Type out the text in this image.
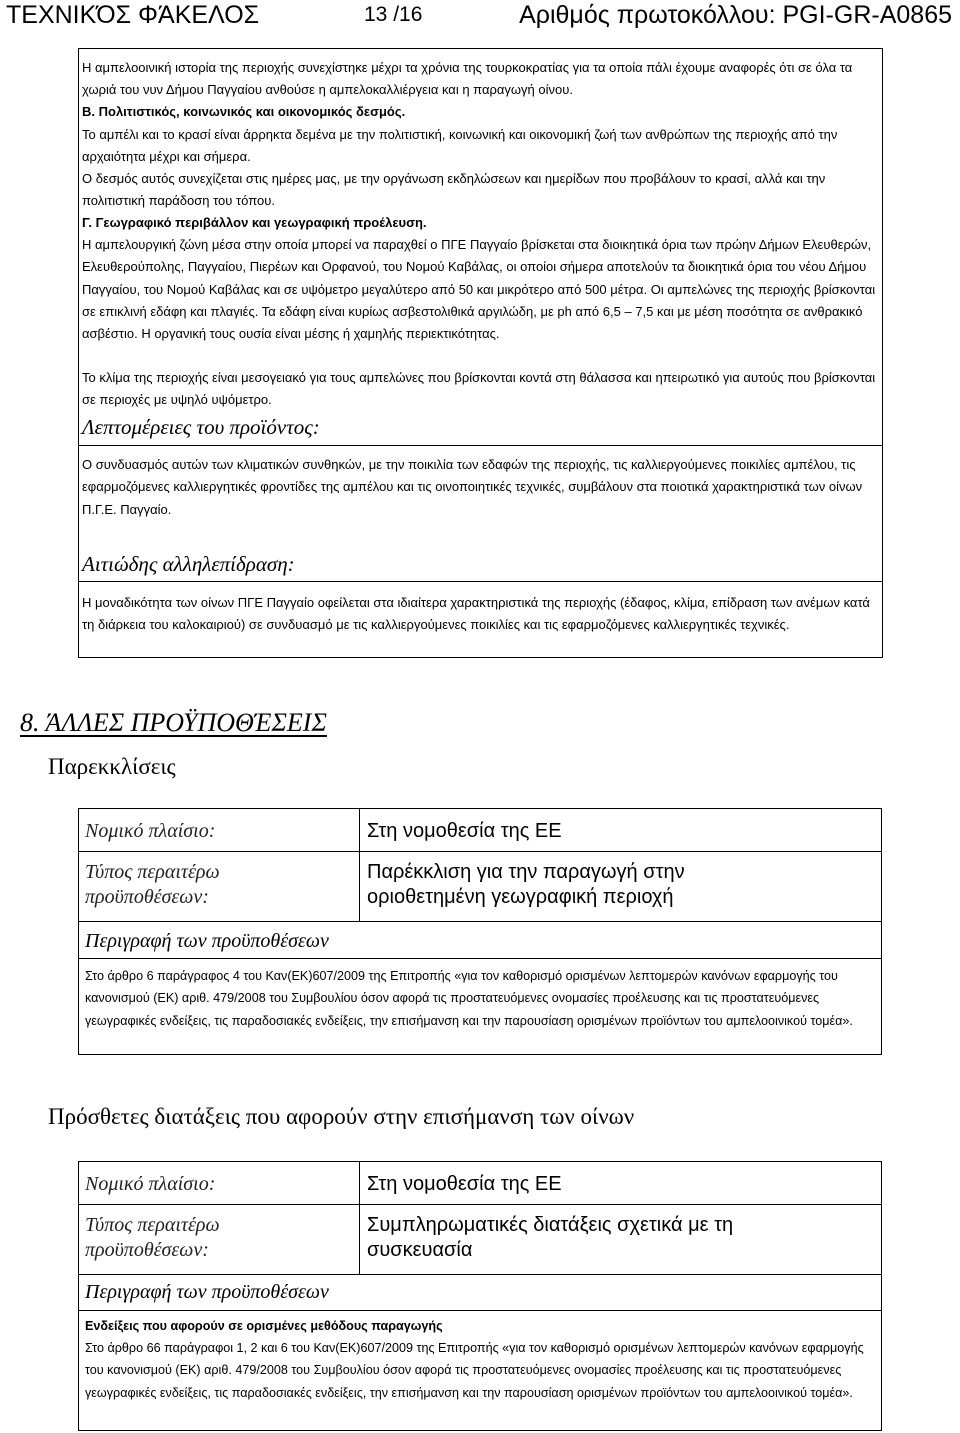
ΤΕΧΝΙΚΌΣ ΦΆΚΕΛΟΣ	13 /16	Αριθμός πρωτοκόλλου: PGI-GR-A0865

Η αμπελοοινική ιστορία της περιοχής συνεχίστηκε μέχρι τα χρόνια της τουρκοκρατίας για τα οποία πάλι έχουμε αναφορές ότι σε όλα τα χωριά του νυν Δήμου Παγγαίου ανθούσε η αμπελοκαλλιέργεια και η παραγωγή οίνου.

Β. Πολιτιστικός, κοινωνικός και οικονομικός δεσμός.

Το αμπέλι και το κρασί είναι άρρηκτα δεμένα με την πολιτιστική, κοινωνική και οικονομική ζωή των ανθρώπων της περιοχής από την αρχαιότητα μέχρι και σήμερα.

Ο δεσμός αυτός συνεχίζεται στις ημέρες μας, με την οργάνωση εκδηλώσεων και ημερίδων που προβάλουν το κρασί, αλλά και την πολιτιστική παράδοση του τόπου.

Γ. Γεωγραφικό περιβάλλον και γεωγραφική προέλευση.

Η αμπελουργική ζώνη μέσα στην οποία μπορεί να παραχθεί ο ΠΓΕ Παγγαίο βρίσκεται στα διοικητικά όρια των πρώην Δήμων Ελευθερών, Ελευθερούπολης, Παγγαίου, Πιερέων και Ορφανού, του Νομού Καβάλας, οι οποίοι σήμερα αποτελούν τα διοικητικά όρια του νέου Δήμου Παγγαίου, του Νομού Καβάλας και σε υψόμετρο μεγαλύτερο από 50 και μικρότερο από 500 μέτρα. Οι αμπελώνες της περιοχής βρίσκονται σε επικλινή εδάφη και πλαγιές. Τα εδάφη είναι κυρίως ασβεστολιθικά αργιλώδη, με ph από 6,5 – 7,5 και με μέση ποσότητα σε ανθρακικό ασβέστιο. Η οργανική τους ουσία είναι μέσης ή χαμηλής περιεκτικότητας.

Το κλίμα της περιοχής είναι μεσογειακό για τους αμπελώνες που βρίσκονται κοντά στη θάλασσα και ηπειρωτικό για αυτούς που βρίσκονται σε περιοχές με υψηλό υψόμετρο.

Λεπτομέρειες του προϊόντος:

Ο συνδυασμός αυτών των κλιματικών συνθηκών, με την ποικιλία των εδαφών της περιοχής, τις καλλιεργούμενες ποικιλίες αμπέλου, τις εφαρμοζόμενες καλλιεργητικές φροντίδες της αμπέλου και τις οινοποιητικές τεχνικές, συμβάλουν στα ποιοτικά χαρακτηριστικά των οίνων Π.Γ.Ε. Παγγαίο.

Αιτιώδης αλληλεπίδραση:

Η μοναδικότητα των οίνων ΠΓΕ Παγγαίο οφείλεται στα ιδιαίτερα χαρακτηριστικά της περιοχής (έδαφος, κλίμα, επίδραση των ανέμων κατά τη διάρκεια του καλοκαιριού) σε συνδυασμό με τις καλλιεργούμενες ποικιλίες και τις εφαρμοζόμενες καλλιεργητικές τεχνικές.

8. ΆΛΛΕΣ ΠΡΟΫΠΟΘΈΣΕΙΣ
Παρεκκλίσεις
Νομικό πλαίσιο:	Στη νομοθεσία της ΕΕ
Τύπος περαιτέρω
προϋποθέσεων:
Παρέκκλιση για την παραγωγή στην
οριοθετημένη γεωγραφική περιοχή
Περιγραφή των προϋποθέσεων

Στο άρθρο 6 παράγραφος 4 του Καν(ΕΚ)607/2009 της Επιτροπής «για τον καθορισμό ορισμένων λεπτομερών κανόνων εφαρμογής του κανονισμού (ΕΚ) αριθ. 479/2008 του Συμβουλίου όσον αφορά τις προστατευόμενες ονομασίες προέλευσης και τις προστατευόμενες γεωγραφικές ενδείξεις, τις παραδοσιακές ενδείξεις, την επισήμανση και την παρουσίαση ορισμένων προϊόντων του αμπελοοινικού τομέα».

Πρόσθετες διατάξεις που αφορούν στην επισήμανση των οίνων
Νομικό πλαίσιο:	Στη νομοθεσία της ΕΕ
Τύπος περαιτέρω
προϋποθέσεων:
Συμπληρωματικές διατάξεις σχετικά με τη
συσκευασία
Περιγραφή των προϋποθέσεων

Ενδείξεις που αφορούν σε ορισμένες μεθόδους παραγωγής

Στο άρθρο 66 παράγραφοι 1, 2 και 6 του Καν(ΕΚ)607/2009 της Επιτροπής «για τον καθορισμό ορισμένων λεπτομερών κανόνων εφαρμογής του κανονισμού (ΕΚ) αριθ. 479/2008 του Συμβουλίου όσον αφορά τις προστατευόμενες ονομασίες προέλευσης και τις προστατευόμενες γεωγραφικές ενδείξεις, τις παραδοσιακές ενδείξεις, την επισήμανση και την παρουσίαση ορισμένων προϊόντων του αμπελοοινικού τομέα».
